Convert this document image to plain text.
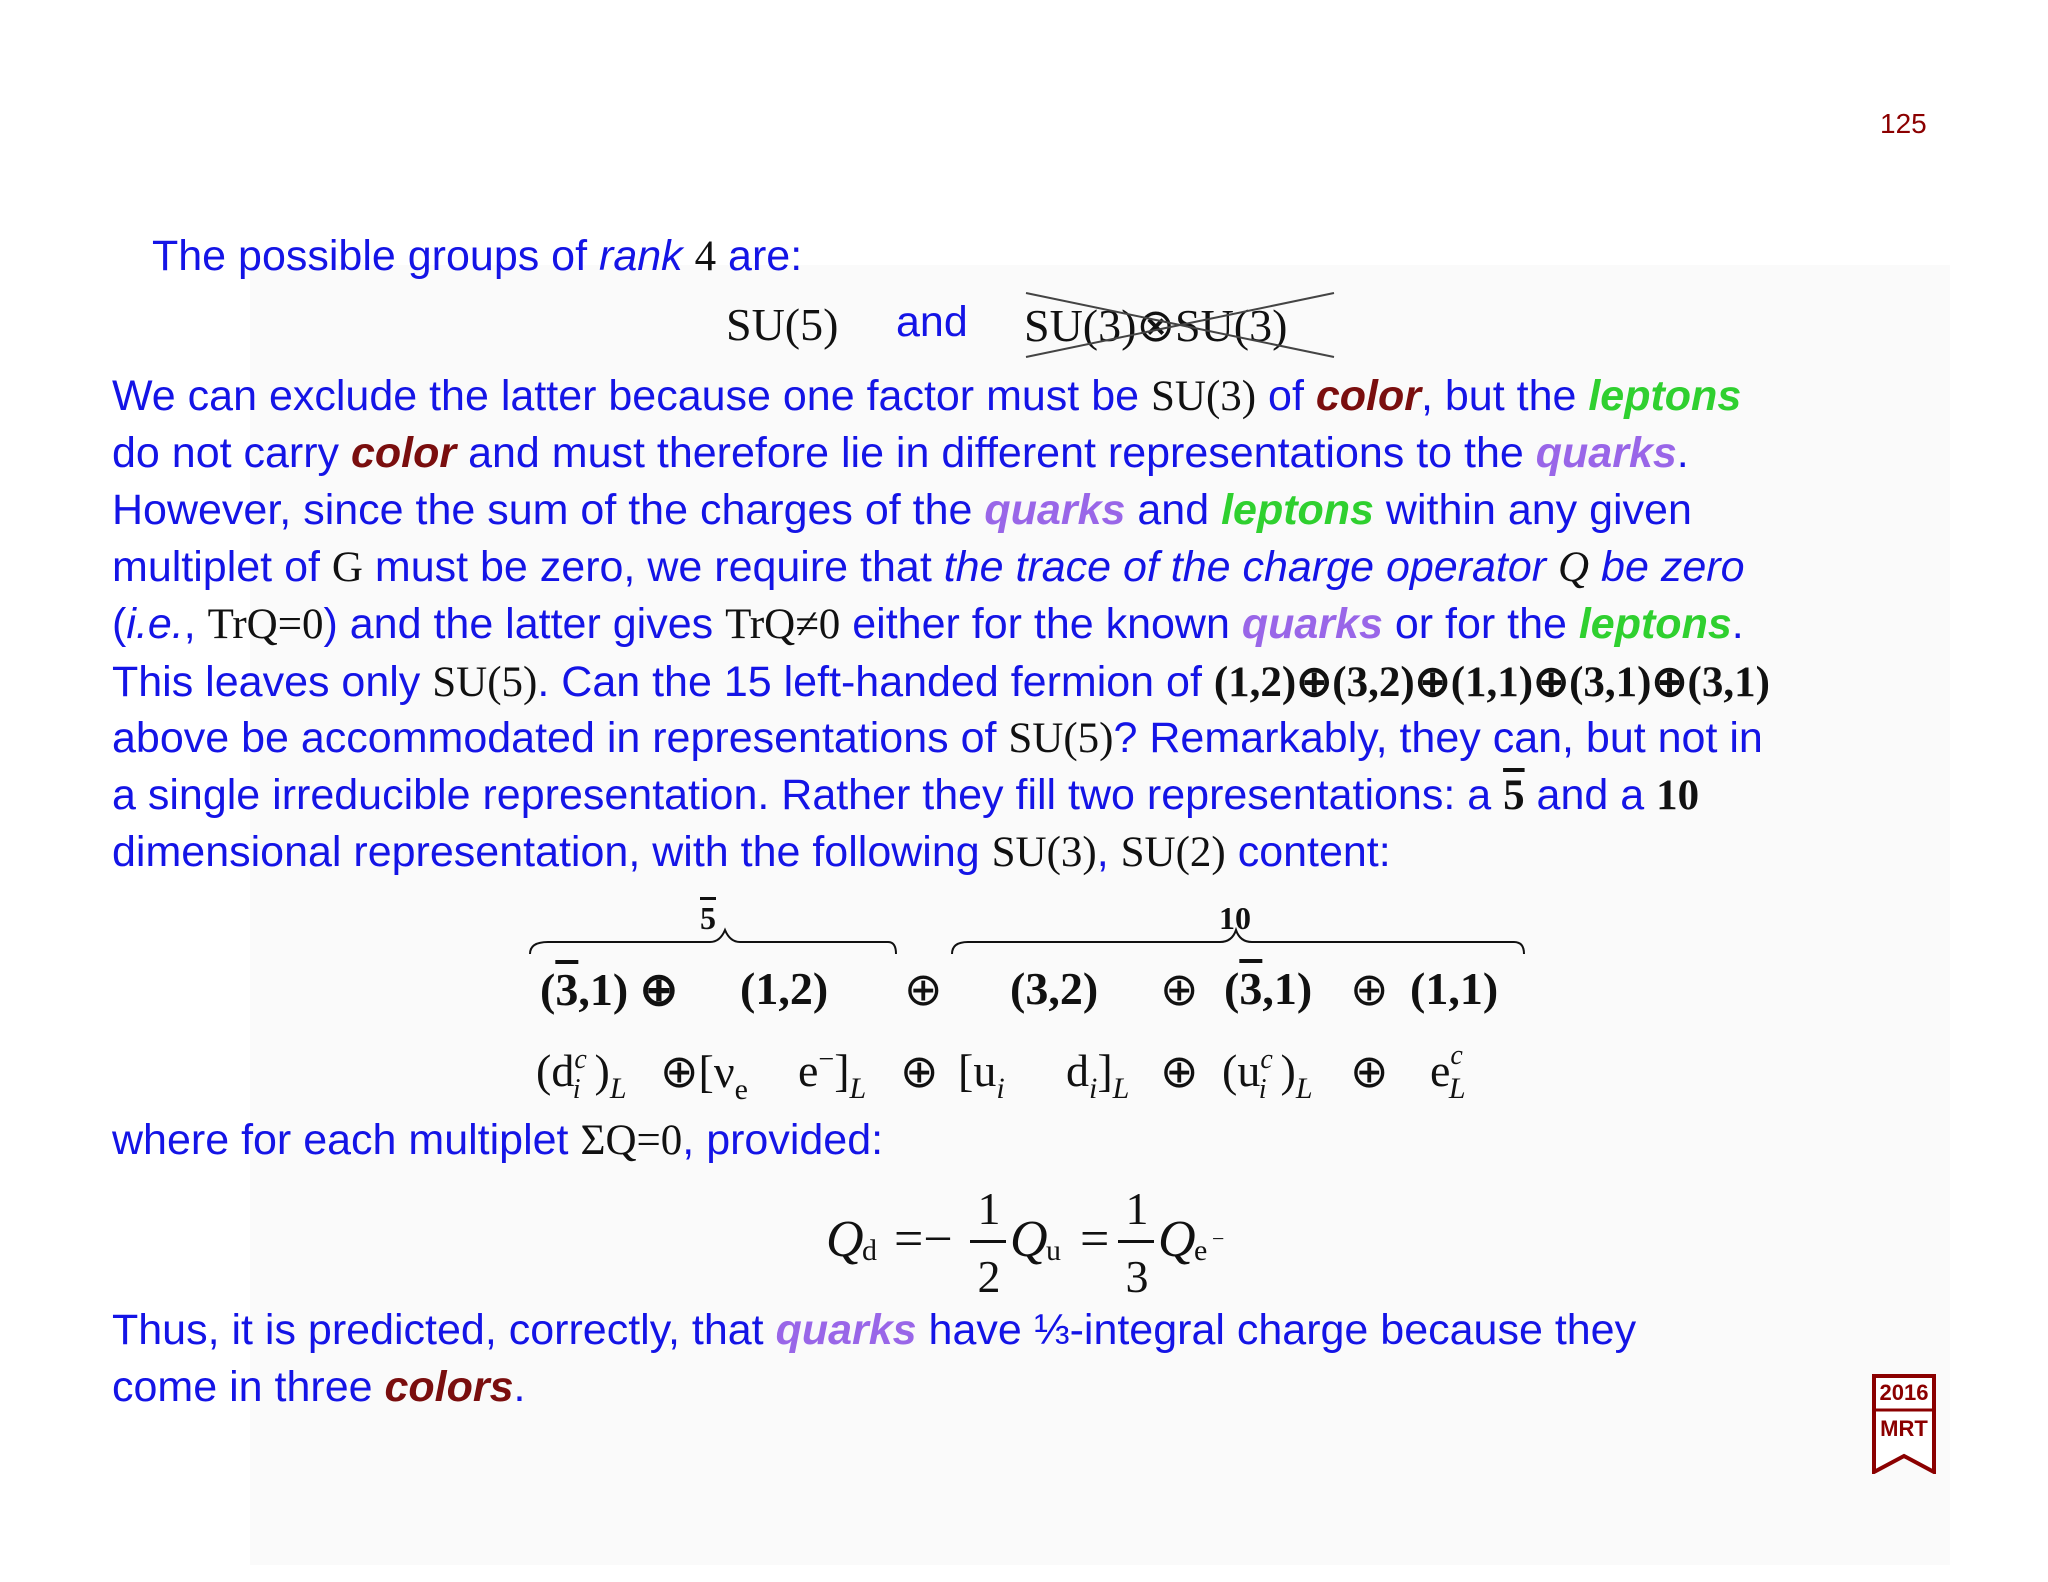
125
The possible groups of rank 4 are:
SU(5) and SU(3)⊗SU(3)
We can exclude the latter because one factor must be SU(3) of color, but the leptons
do not carry color and must therefore lie in different representations to the quarks.
However, since the sum of the charges of the quarks and leptons within any given
multiplet of G must be zero, we require that the trace of the charge operator Q be zero
(i.e., TrQ=0) and the latter gives TrQ≠0 either for the known quarks or for the leptons.
This leaves only SU(5). Can the 15 left-handed fermion of (1,2)⊕(3,2)⊕(1,1)⊕(3,1)⊕(3,1)
above be accommodated in representations of SU(5)? Remarkably, they can, but not in
a single irreducible representation. Rather they fill two representations: a 5 and a 10
dimensional representation, with the following SU(3), SU(2) content:
5	10
(3,1) ⊕ (1,2) ⊕ (3,2) ⊕ (3,1) ⊕ (1,1)
($d^c_i$ )$_L$ $\oplus[\nu_e$ $e^-]_L$ ⊕ [$u_i$ $d_i]_L$ ⊕ ($u^c_i$ )$_L$ ⊕ $e^c_L$
where for each multiplet ΣQ=0, provided:
Q
d =−
1
2
Q
u =
1
3
Q
e −
Thus, it is predicted, correctly, that quarks have ⅓-integral charge because they
come in three colors.	2016
MRT
